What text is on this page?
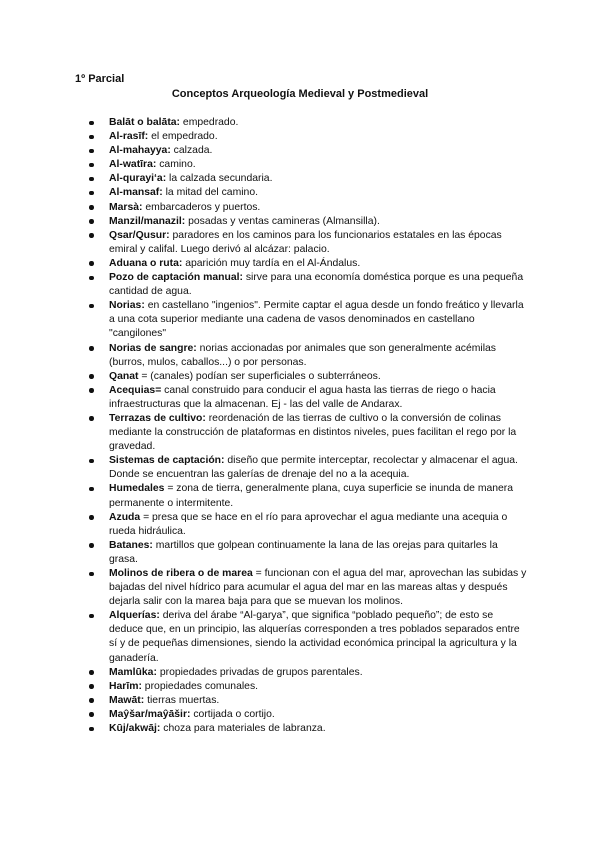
1º Parcial
Conceptos Arqueología Medieval y Postmedieval
Balāt o balāta: empedrado.
Al-rasīf: el empedrado.
Al-mahayya: calzada.
Al-watīra: camino.
Al-qurayi‘a: la calzada secundaria.
Al-mansaf: la mitad del camino.
Marsà: embarcaderos y puertos.
Manzil/manazil: posadas y ventas camineras (Almansilla).
Qsar/Qusur: paradores en los caminos para los funcionarios estatales en las épocas emiral y califal. Luego derivó al alcázar: palacio.
Aduana o ruta: aparición muy tardía en el Al-Ándalus.
Pozo de captación manual: sirve para una economía doméstica porque es una pequeña cantidad de agua.
Norias: en castellano "ingenios". Permite captar el agua desde un fondo freático y llevarla a una cota superior mediante una cadena de vasos denominados en castellano "cangilones"
Norias de sangre: norias accionadas por animales que son generalmente acémilas (burros, mulos, caballos...) o por personas.
Qanat = (canales) podían ser superficiales o subterráneos.
Acequias= canal construido para conducir el agua hasta las tierras de riego o hacia infraestructuras que la almacenan. Ej - las del valle de Andarax.
Terrazas de cultivo: reordenación de las tierras de cultivo o la conversión de colinas mediante la construcción de plataformas en distintos niveles, pues facilitan el rego por la gravedad.
Sistemas de captación: diseño que permite interceptar, recolectar y almacenar el agua. Donde se encuentran las galerías de drenaje del no a la acequia.
Humedales = zona de tierra, generalmente plana, cuya superficie se inunda de manera permanente o intermitente.
Azuda = presa que se hace en el río para aprovechar el agua mediante una acequia o rueda hidráulica.
Batanes: martillos que golpean continuamente la lana de las orejas para quitarles la grasa.
Molinos de ribera o de marea = funcionan con el agua del mar, aprovechan las subidas y bajadas del nivel hídrico para acumular el agua del mar en las mareas altas y después dejarla salir con la marea baja para que se muevan los molinos.
Alquerías: deriva del árabe “Al-garya”, que significa “poblado pequeño”; de esto se deduce que, en un principio, las alquerías corresponden a tres poblados separados entre sí y de pequeñas dimensiones, siendo la actividad económica principal la agricultura y la ganadería.
Mamlūka: propiedades privadas de grupos parentales.
Harīm: propiedades comunales.
Mawāt: tierras muertas.
Maŷšar/maŷāšir: cortijada o cortijo.
Kūj/akwāj: choza para materiales de labranza.
